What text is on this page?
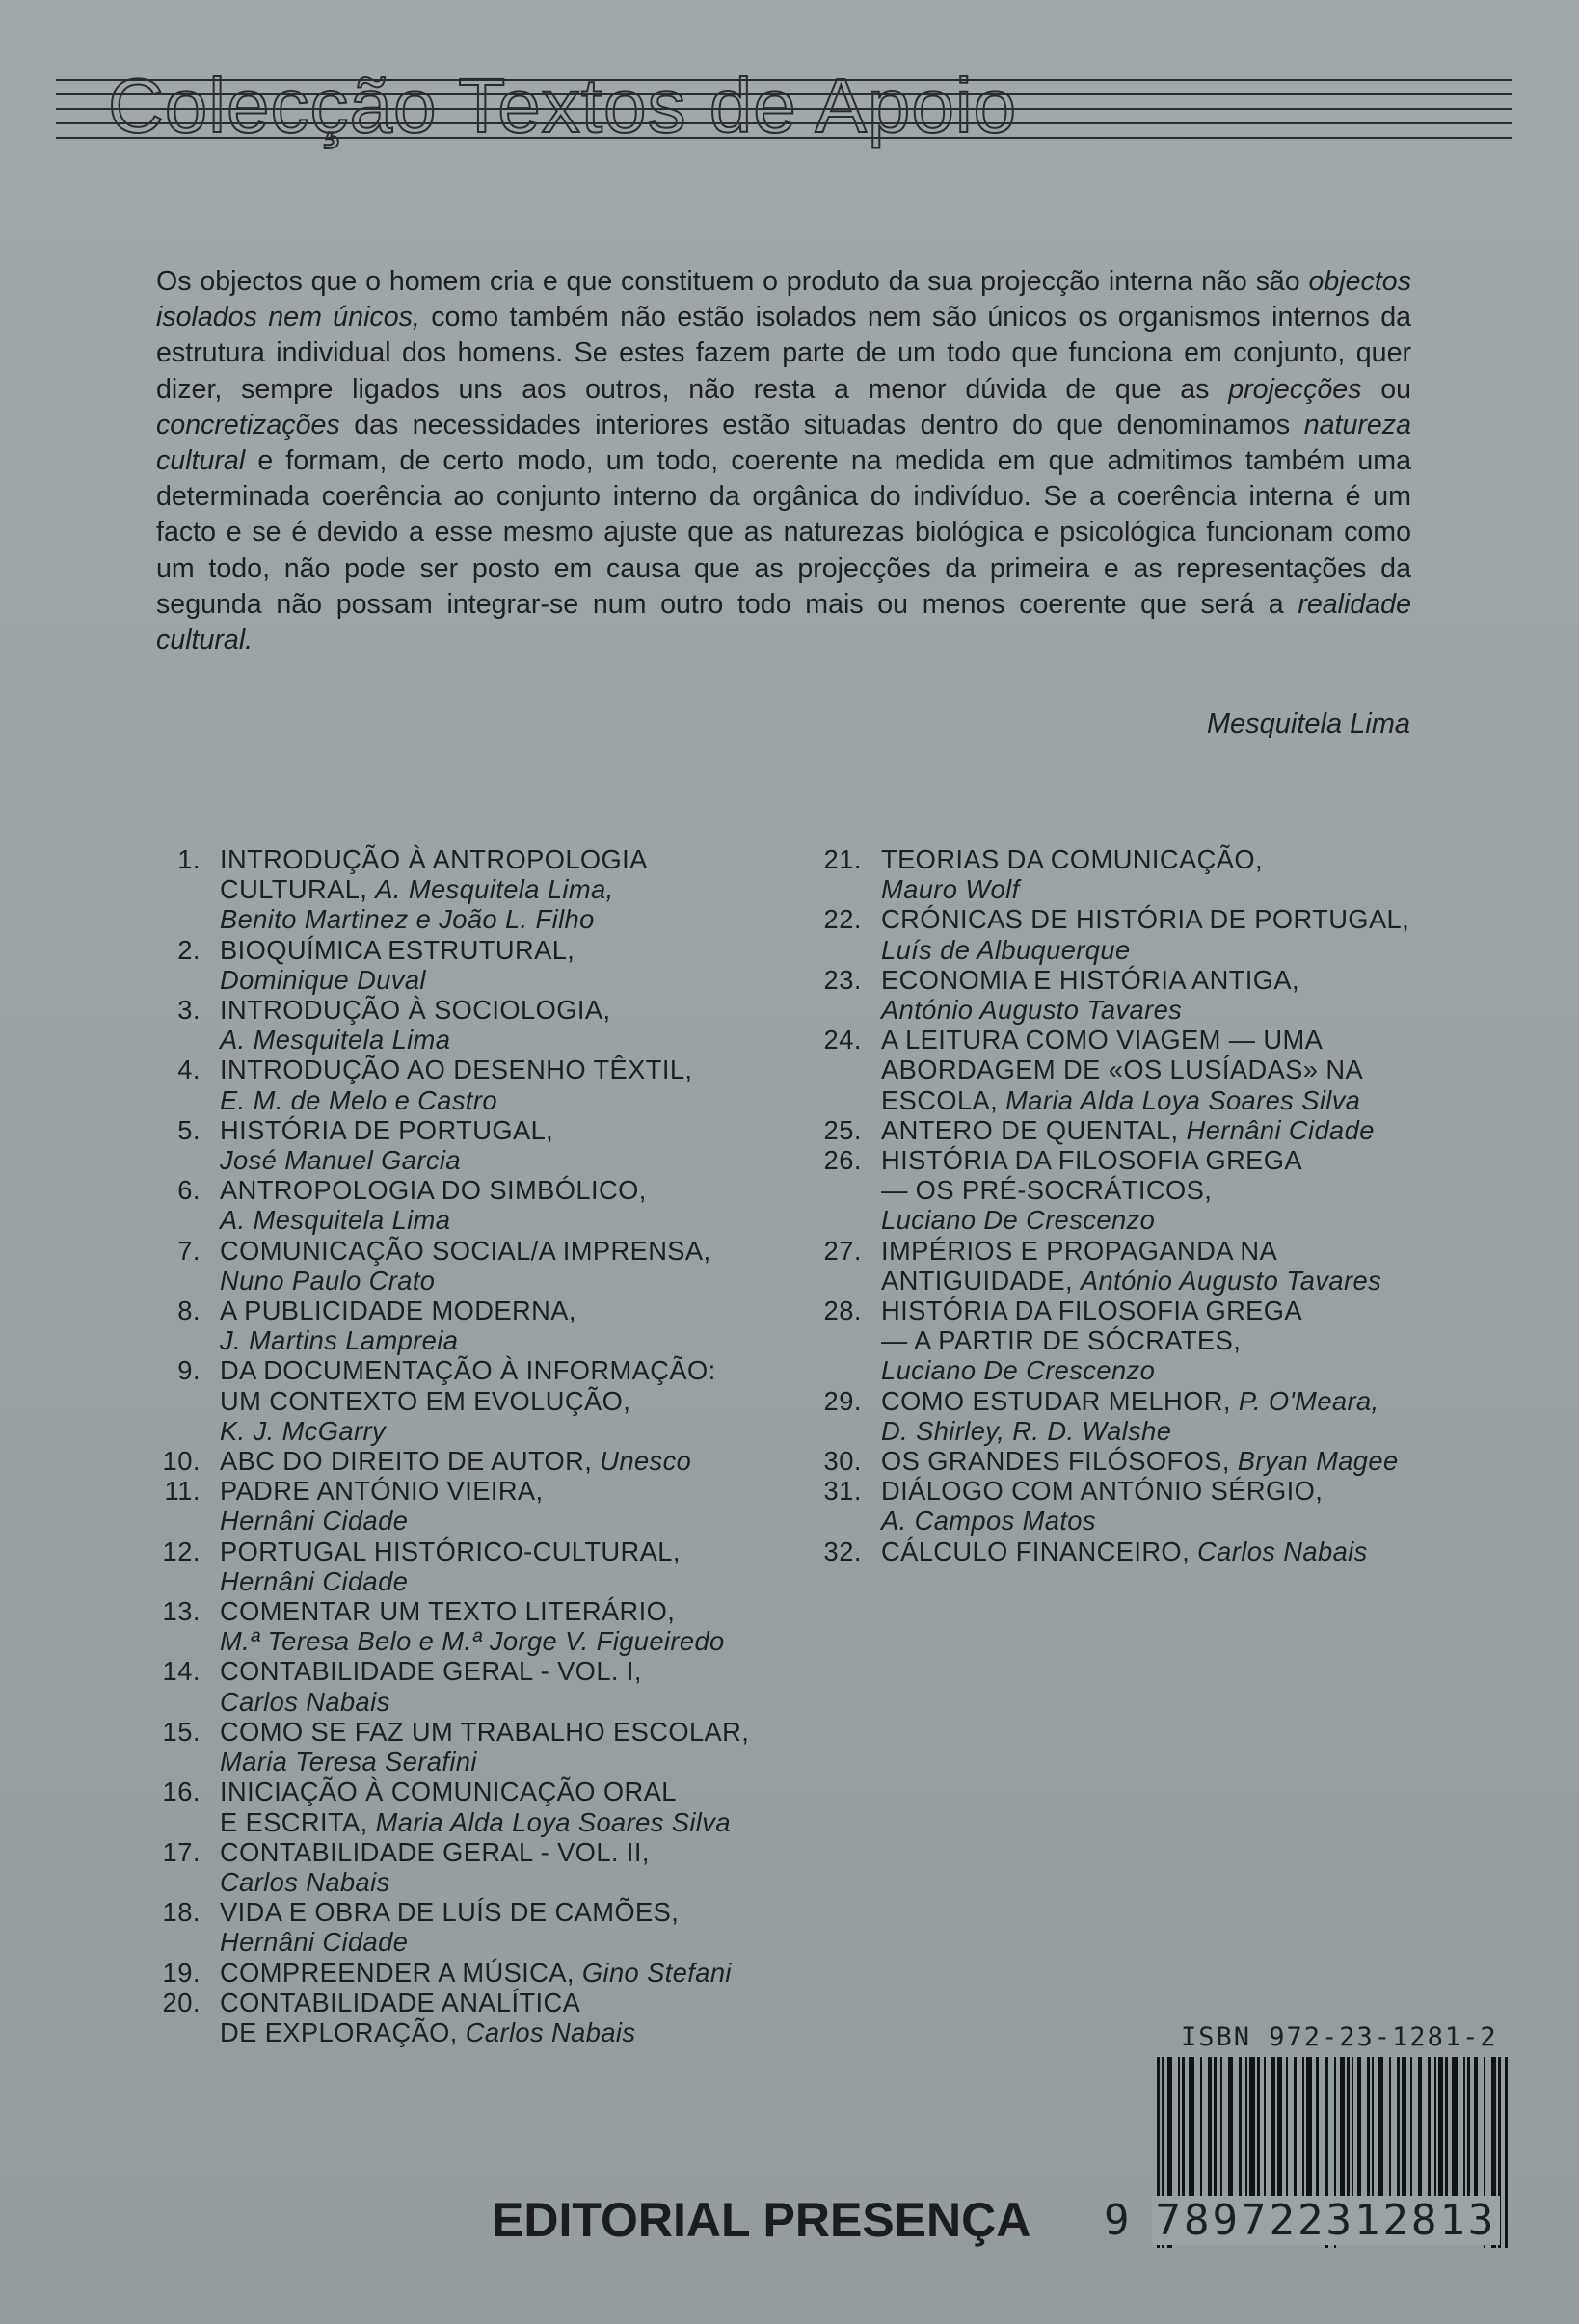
Colecção Textos de Apoio

Os objectos que o homem cria e que constituem o produto da sua projecção interna não são objectos isolados nem únicos, como também não estão isolados nem são únicos os organismos internos da estrutura individual dos homens. Se estes fazem parte de um todo que funciona em conjunto, quer dizer, sempre ligados uns aos outros, não resta a menor dúvida de que as projecções ou concretizações das necessidades interiores estão situadas dentro do que denominamos natureza cultural e formam, de certo modo, um todo, coerente na medida em que admitimos também uma determinada coerência ao conjunto interno da orgânica do indivíduo. Se a coerência interna é um facto e se é devido a esse mesmo ajuste que as naturezas biológica e psicológica funcionam como um todo, não pode ser posto em causa que as projecções da primeira e as representações da segunda não possam integrar-se num outro todo mais ou menos coerente que será a realidade cultural.

Mesquitela Lima
1. INTRODUÇÃO À ANTROPOLOGIA
CULTURAL, A. Mesquitela Lima,
Benito Martinez e João L. Filho
2. BIOQUÍMICA ESTRUTURAL,
Dominique Duval
3. INTRODUÇÃO À SOCIOLOGIA,
A. Mesquitela Lima
4. INTRODUÇÃO AO DESENHO TÊXTIL,
E. M. de Melo e Castro
5. HISTÓRIA DE PORTUGAL,
José Manuel Garcia
6. ANTROPOLOGIA DO SIMBÓLICO,
A. Mesquitela Lima
7. COMUNICAÇÃO SOCIAL/A IMPRENSA,
Nuno Paulo Crato
8. A PUBLICIDADE MODERNA,
J. Martins Lampreia
9. DA DOCUMENTAÇÃO À INFORMAÇÃO:
UM CONTEXTO EM EVOLUÇÃO,
K. J. McGarry
10. ABC DO DIREITO DE AUTOR, Unesco
11. PADRE ANTÓNIO VIEIRA,
Hernâni Cidade
12. PORTUGAL HISTÓRICO-CULTURAL,
Hernâni Cidade
13. COMENTAR UM TEXTO LITERÁRIO,
M.ª Teresa Belo e M.ª Jorge V. Figueiredo
14. CONTABILIDADE GERAL - VOL. I,
Carlos Nabais
15. COMO SE FAZ UM TRABALHO ESCOLAR,
Maria Teresa Serafini
16. INICIAÇÃO À COMUNICAÇÃO ORAL
E ESCRITA, Maria Alda Loya Soares Silva
17. CONTABILIDADE GERAL - VOL. II,
Carlos Nabais
18. VIDA E OBRA DE LUÍS DE CAMÕES,
Hernâni Cidade
19. COMPREENDER A MÚSICA, Gino Stefani
20. CONTABILIDADE ANALÍTICA
DE EXPLORAÇÃO, Carlos Nabais
21. TEORIAS DA COMUNICAÇÃO,
Mauro Wolf
22. CRÓNICAS DE HISTÓRIA DE PORTUGAL,
Luís de Albuquerque
23. ECONOMIA E HISTÓRIA ANTIGA,
António Augusto Tavares
24. A LEITURA COMO VIAGEM — UMA
ABORDAGEM DE «OS LUSÍADAS» NA
ESCOLA, Maria Alda Loya Soares Silva
25. ANTERO DE QUENTAL, Hernâni Cidade
26. HISTÓRIA DA FILOSOFIA GREGA
— OS PRÉ-SOCRÁTICOS,
Luciano De Crescenzo
27. IMPÉRIOS E PROPAGANDA NA
ANTIGUIDADE, António Augusto Tavares
28. HISTÓRIA DA FILOSOFIA GREGA
— A PARTIR DE SÓCRATES,
Luciano De Crescenzo
29. COMO ESTUDAR MELHOR, P. O'Meara,
D. Shirley, R. D. Walshe
30. OS GRANDES FILÓSOFOS, Bryan Magee
31. DIÁLOGO COM ANTÓNIO SÉRGIO,
A. Campos Matos
32. CÁLCULO FINANCEIRO, Carlos Nabais
ISBN 972-23-1281-2
9 789722312813
EDITORIAL PRESENÇA
